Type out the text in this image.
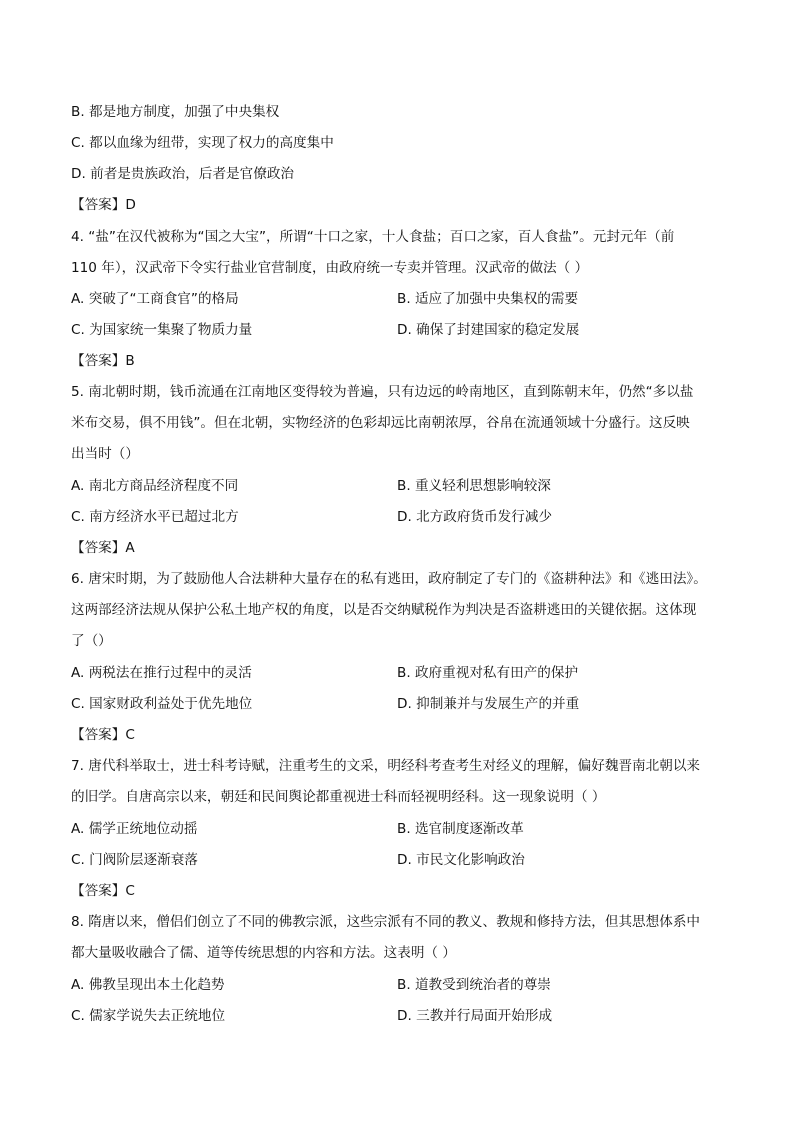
B. 都是地方制度，加强了中央集权
C. 都以血缘为纽带，实现了权力的高度集中
D. 前者是贵族政治，后者是官僚政治
【答案】D
4. “盐”在汉代被称为“国之大宝”，所谓“十口之家，十人食盐；百口之家，百人食盐”。元封元年（前
110 年），汉武帝下令实行盐业官营制度，由政府统一专卖并管理。汉武帝的做法（ ）
A. 突破了“工商食官”的格局	B. 适应了加强中央集权的需要
C. 为国家统一集聚了物质力量	D. 确保了封建国家的稳定发展
【答案】B
5. 南北朝时期，钱币流通在江南地区变得较为普遍，只有边远的岭南地区，直到陈朝末年，仍然“多以盐
米布交易，俱不用钱”。但在北朝，实物经济的色彩却远比南朝浓厚，谷帛在流通领域十分盛行。这反映
出当时（）
A. 南北方商品经济程度不同	B. 重义轻利思想影响较深
C. 南方经济水平已超过北方	D. 北方政府货币发行减少
【答案】A
6. 唐宋时期，为了鼓励他人合法耕种大量存在的私有逃田，政府制定了专门的《盗耕种法》和《逃田法》。
这两部经济法规从保护公私土地产权的角度，以是否交纳赋税作为判决是否盗耕逃田的关键依据。这体现
了（）
A. 两税法在推行过程中的灵活	B. 政府重视对私有田产的保护
C. 国家财政利益处于优先地位	D. 抑制兼并与发展生产的并重
【答案】C
7. 唐代科举取士，进士科考诗赋，注重考生的文采，明经科考查考生对经义的理解，偏好魏晋南北朝以来
的旧学。自唐高宗以来，朝廷和民间舆论都重视进士科而轻视明经科。这一现象说明（ ）
A. 儒学正统地位动摇	B. 选官制度逐渐改革
C. 门阀阶层逐渐衰落	D. 市民文化影响政治
【答案】C
8. 隋唐以来，僧侣们创立了不同的佛教宗派，这些宗派有不同的教义、教规和修持方法，但其思想体系中
都大量吸收融合了儒、道等传统思想的内容和方法。这表明（ ）
A. 佛教呈现出本土化趋势	B. 道教受到统治者的尊崇
C. 儒家学说失去正统地位	D. 三教并行局面开始形成
